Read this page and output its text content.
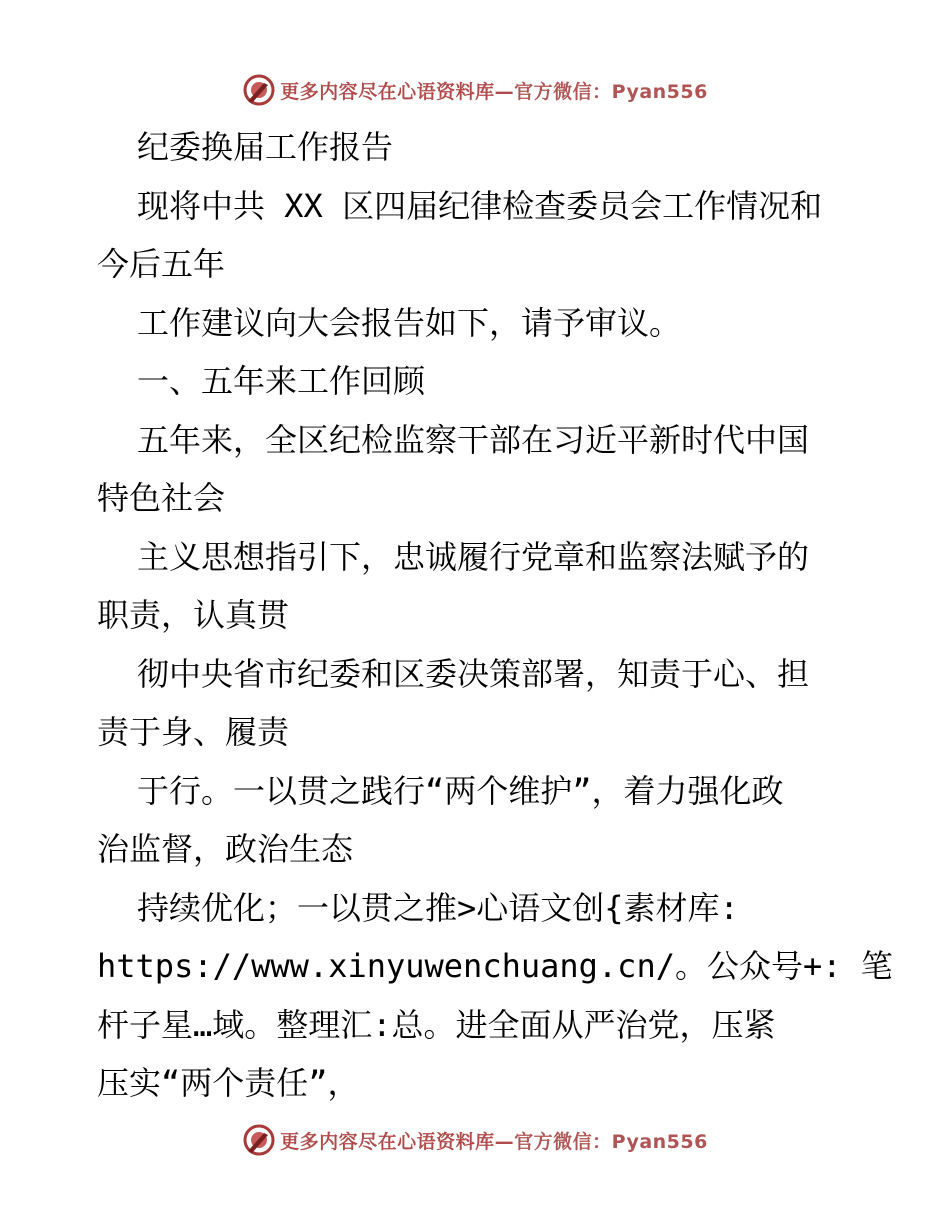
更多内容尽在心语资料库—官方微信：Pyan556
纪委换届工作报告
现将中共 XX 区四届纪律检查委员会工作情况和
今后五年
工作建议向大会报告如下，请予审议。
一、五年来工作回顾
五年来，全区纪检监察干部在习近平新时代中国
特色社会
主义思想指引下，忠诚履行党章和监察法赋予的
职责，认真贯
彻中央省市纪委和区委决策部署，知责于心、担
责于身、履责
于行。一以贯之践行“两个维护”，着力强化政
治监督，政治生态
持续优化；一以贯之推>心语文创{素材库:
https://www.xinyuwenchuang.cn/。公众号+: 笔
杆子星…域。整理汇:总。进全面从严治党，压紧
压实“两个责任”，
更多内容尽在心语资料库—官方微信：Pyan556
